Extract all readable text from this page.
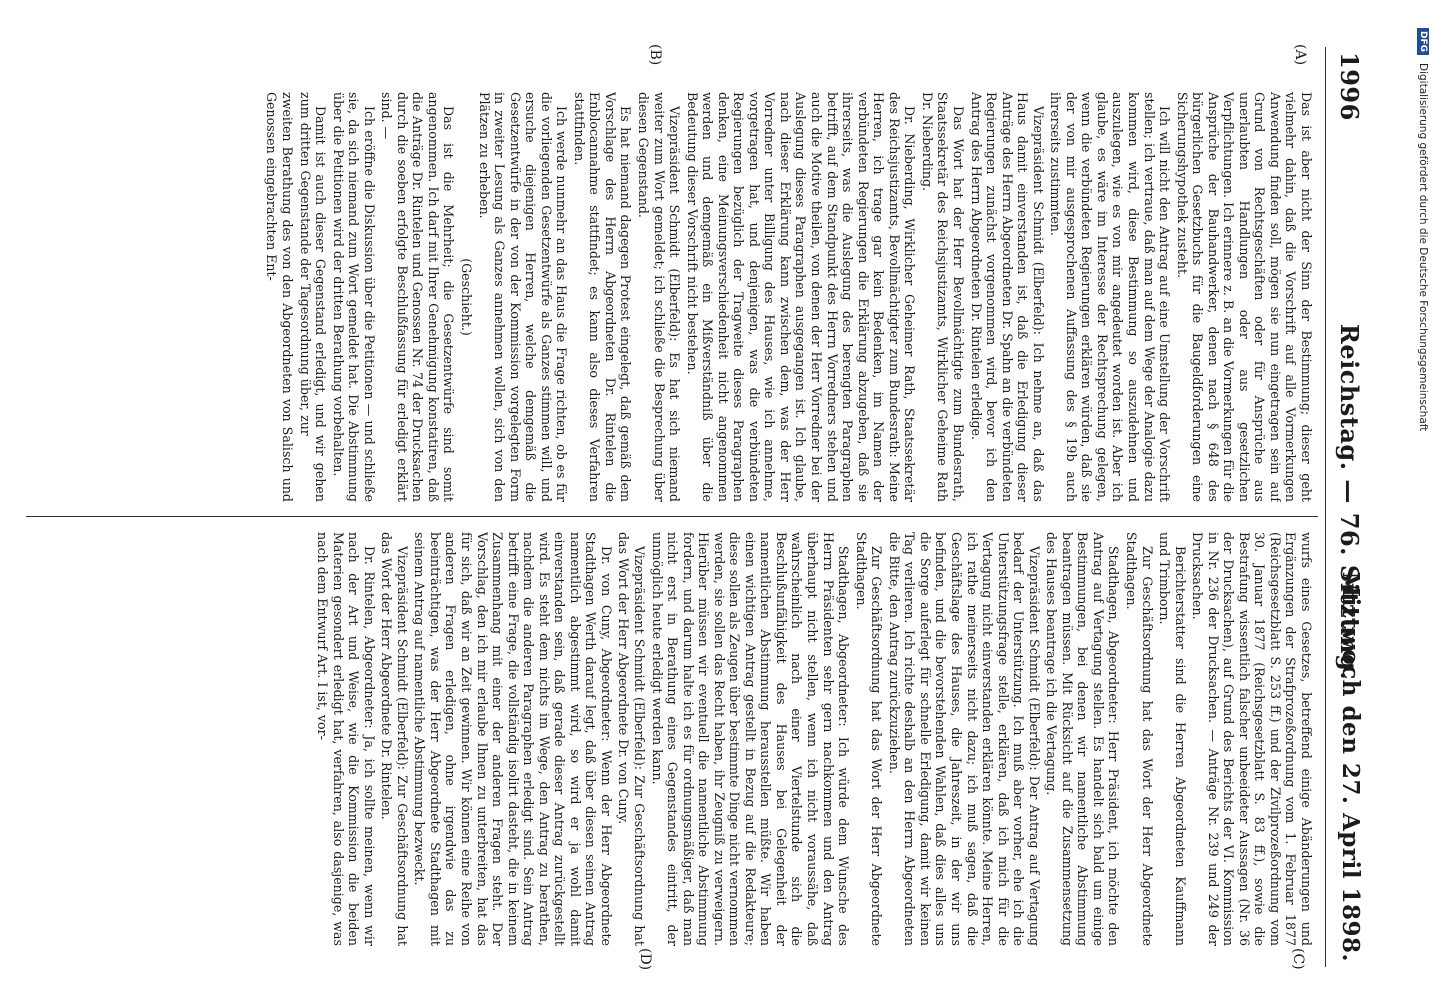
1996
Reichstag. — 76. Sitzung.
Mittwoch den 27. April 1898.
(A)
(B)
(C)
(D)

Das ist aber nicht der Sinn der Bestimmung; dieser geht vielmehr dahin, daß die Vorschrift auf alle Vormerkungen Anwendung finden soll, mögen sie nun eingetragen sein auf Grund von Rechtsgeschäften oder für Ansprüche aus unerlaubten Handlungen oder aus gesetzlichen Verpflichtungen. Ich erinnere z. B. an die Vormerkungen für die Ansprüche der Bauhandwerker, denen nach § 648 des bürgerlichen Gesetzbuchs für die Baugeldforderungen eine Sicherungshypothek zusteht.

Ich will nicht den Antrag auf eine Umstellung der Vorschrift stellen; ich vertraue, daß man auf dem Wege der Analogie dazu kommen wird, diese Bestimmung so auszudehnen und auszulegen, wie es von mir angedeutet worden ist. Aber ich glaube, es wäre im Interesse der Rechtsprechung gelegen, wenn die verbündeten Regierungen erklären würden, daß sie der von mir ausgesprochenen Auffassung des § 19b auch ihrerseits zustimmten.

Vizepräsident Schmidt (Elberfeld): Ich nehme an, daß das Haus damit einverstanden ist, daß die Erledigung dieser Anträge des Herrn Abgeordneten Dr. Spahn an die verbündeten Regierungen zunächst vorgenommen wird, bevor ich den Antrag des Herrn Abgeordneten Dr. Rintelen erledige.

Das Wort hat der Herr Bevollmächtigte zum Bundesrath, Staatssekretär des Reichsjustizamts, Wirklicher Geheime Rath Dr. Nieberding.

Dr. Nieberding, Wirklicher Geheimer Rath, Staatssekretär des Reichsjustizamts, Bevollmächtigter zum Bundesrath: Meine Herren, ich trage gar kein Bedenken, im Namen der verbündeten Regierungen die Erklärung abzugeben, daß sie ihrerseits, was die Auslegung des berengten Paragraphen betrifft, auf dem Standpunkt des Herrn Vorredners stehen und auch die Motive theilen, von denen der Herr Vorredner bei der Auslegung dieses Paragraphen ausgegangen ist. Ich glaube, nach dieser Erklärung kann zwischen dem, was der Herr Vorredner unter Billigung des Hauses, wie ich annehme, vorgetragen hat, und denjenigen, was die verbündeten Regierungen bezüglich der Tragweite dieses Paragraphen denken, eine Meinungsverschiedenheit nicht angenommen werden und demgemäß ein Mißverständniß über die Bedeutung dieser Vorschrift nicht bestehen.

Vizepräsident Schmidt (Elberfeld): Es hat sich niemand weiter zum Wort gemeldet; ich schließe die Besprechung über diesen Gegenstand.

Es hat niemand dagegen Protest eingelegt, daß gemäß dem Vorschlage des Herrn Abgeordneten Dr. Rintelen die Enblocannahme stattfindet; es kann also dieses Verfahren stattfinden.

Ich werde nunmehr an das Haus die Frage richten, ob es für die vorliegenden Gesetzentwürfe als Ganzes stimmen will, und ersuche diejenigen Herren, welche demgemäß die Gesetzentwürfe in der von der Kommission vorgelegten Form in zweiter Lesung als Ganzes annehmen wollen, sich von den Plätzen zu erheben.

(Geschieht.)

Das ist die Mehrheit; die Gesetzentwürfe sind somit angenommen. Ich darf mit Ihrer Genehmigung konstatiren, daß die Anträge Dr. Rintelen und Genossen Nr. 74 der Drucksachen durch die soeben erfolgte Beschlußfassung für erledigt erklärt sind. —

Ich eröffne die Diskussion über die Petitionen — und schließe sie, da sich niemand zum Wort gemeldet hat. Die Abstimmung über die Petitionen wird der dritten Berathung vorbehalten.

Damit ist auch dieser Gegenstand erledigt, und wir gehen zum dritten Gegenstande der Tagesordnung über, zur

zweiten Berathung des von den Abgeordneten von Salisch und Genossen eingebrachten Ent-

wurfs eines Gesetzes, betreffend einige Abänderungen und Ergänzungen der Strafprozeßordnung vom 1. Februar 1877 (Reichsgesetzblatt S. 253 ff.) und der Zivilprozeßordnung vom 30. Januar 1877 (Reichsgesetzblatt S. 83 ff.), sowie die Bestrafung wissentlich falscher unbeeideter Aussagen (Nr. 36 der Drucksachen), auf Grund des Berichts der VI. Kommission in Nr. 236 der Drucksachen. — Anträge Nr. 239 und 249 der Drucksachen.

Berichterstatter sind die Herren Abgeordneten Kauffmann und Trimborn.

Zur Geschäftsordnung hat das Wort der Herr Abgeordnete Stadthagen.

Stadthagen, Abgeordneter: Herr Präsident, ich möchte den Antrag auf Vertagung stellen. Es handelt sich bald um einige Bestimmungen, bei denen wir namentliche Abstimmung beantragen müssen. Mit Rücksicht auf die Zusammensetzung des Hauses beantrage ich die Vertagung.

Vizepräsident Schmidt (Elberfeld): Der Antrag auf Vertagung bedarf der Unterstützung. Ich muß aber vorher, ehe ich die Unterstützungsfrage stelle, erklären, daß ich mich für die Vertagung nicht einverstanden erklären könnte. Meine Herren, ich rathe meinerseits nicht dazu; ich muß sagen, daß die Geschäftslage des Hauses, die Jahreszeit, in der wir uns befinden, und die bevorstehenden Wahlen, daß dies alles uns die Sorge auferlegt für schnelle Erledigung, damit wir keinen Tag verlieren. Ich richte deshalb an den Herrn Abgeordneten die Bitte, den Antrag zurückzuziehen.

Zur Geschäftsordnung hat das Wort der Herr Abgeordnete Stadthagen.

Stadthagen, Abgeordneter: Ich würde dem Wunsche des Herrn Präsidenten sehr gern nachkommen und den Antrag überhaupt nicht stellen, wenn ich nicht voraussähe, daß wahrscheinlich nach einer Viertelstunde sich die Beschlußunfähigkeit des Hauses bei Gelegenheit der namentlichen Abstimmung herausstellen müßte. Wir haben einen wichtigen Antrag gestellt in Bezug auf die Redakteure; diese sollen als Zeugen über bestimmte Dinge nicht vernommen werden, sie sollen das Recht haben, ihr Zeugniß zu verweigern. Hierüber müssen wir eventuell die namentliche Abstimmung fordern, und darum halte ich es für ordnungsmäßiger, daß man nicht erst in Berathung eines Gegenstandes eintritt, der unmöglich heute erledigt werden kann.

Vizepräsident Schmidt (Elberfeld): Zur Geschäftsordnung hat das Wort der Herr Abgeordnete Dr. von Cuny.

Dr. von Cuny, Abgeordneter: Wenn der Herr Abgeordnete Stadthagen Werth darauf legt, daß über diesen seinen Antrag namentlich abgestimmt wird, so wird er ja wohl damit einverstanden sein, daß gerade dieser Antrag zurückgestellt wird. Es steht dem nichts im Wege, den Antrag zu berathen, nachdem die anderen Paragraphen erledigt sind. Sein Antrag betrifft eine Frage, die vollständig isolirt dasteht, die in keinem Zusammenhang mit einer der anderen Fragen steht. Der Vorschlag, den ich mir erlaube Ihnen zu unterbreiten, hat das für sich, daß wir an Zeit gewinnen. Wir können eine Reihe von anderen Fragen erledigen, ohne irgendwie das zu beeinträchtigen, was der Herr Abgeordnete Stadthagen mit seinem Antrag auf namentliche Abstimmung bezweckt.

Vizepräsident Schmidt (Elberfeld): Zur Geschäftsordnung hat das Wort der Herr Abgeordnete Dr. Rintelen.

Dr. Rintelen, Abgeordneter: Ja, ich sollte meinen, wenn wir nach der Art und Weise, wie die Kommission die beiden Materien gesondert erledigt hat, verfahren, also dasjenige, was nach dem Entwurf Art. I ist, vor-

DFG
Digitalisierung gefördert durch die Deutsche Forschungsgemeinschaft
